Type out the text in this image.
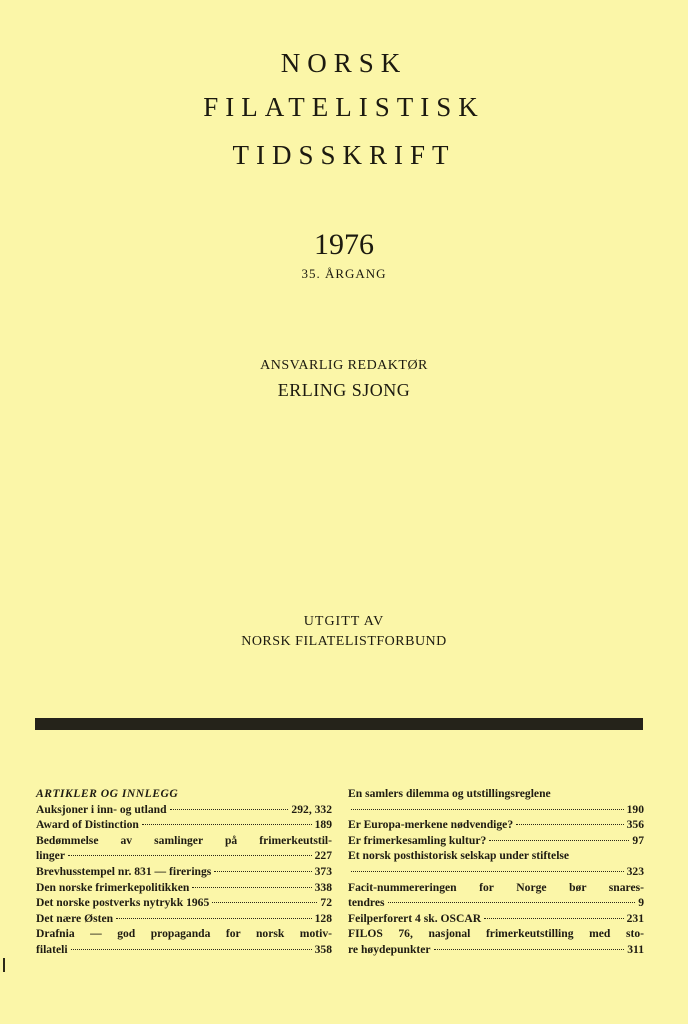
NORSK
FILATELISTISK
TIDSSKRIFT
1976
35. ÅRGANG
ANSVARLIG REDAKTØR
ERLING SJONG
UTGITT AV
NORSK FILATELISTFORBUND
ARTIKLER OG INNLEGG
Auksjoner i inn- og utland	292, 332
Award of Distinction	189
Bedømmelse av samlinger på frimerkeutstil-
linger	227
Brevhusstempel nr. 831 — firerings	373
Den norske frimerkepolitikken	338
Det norske postverks nytrykk 1965	72
Det nære Østen	128
Drafnia — god propaganda for norsk motiv-
filateli	358
En samlers dilemma og utstillingsreglene
190
Er Europa-merkene nødvendige?	356
Er frimerkesamling kultur?	97
Et norsk posthistorisk selskap under stiftelse
323
Facit-nummereringen for Norge bør snares-
tendres	9
Feilperforert 4 sk. OSCAR	231
FILOS 76, nasjonal frimerkeutstilling med sto-
re høydepunkter	311
